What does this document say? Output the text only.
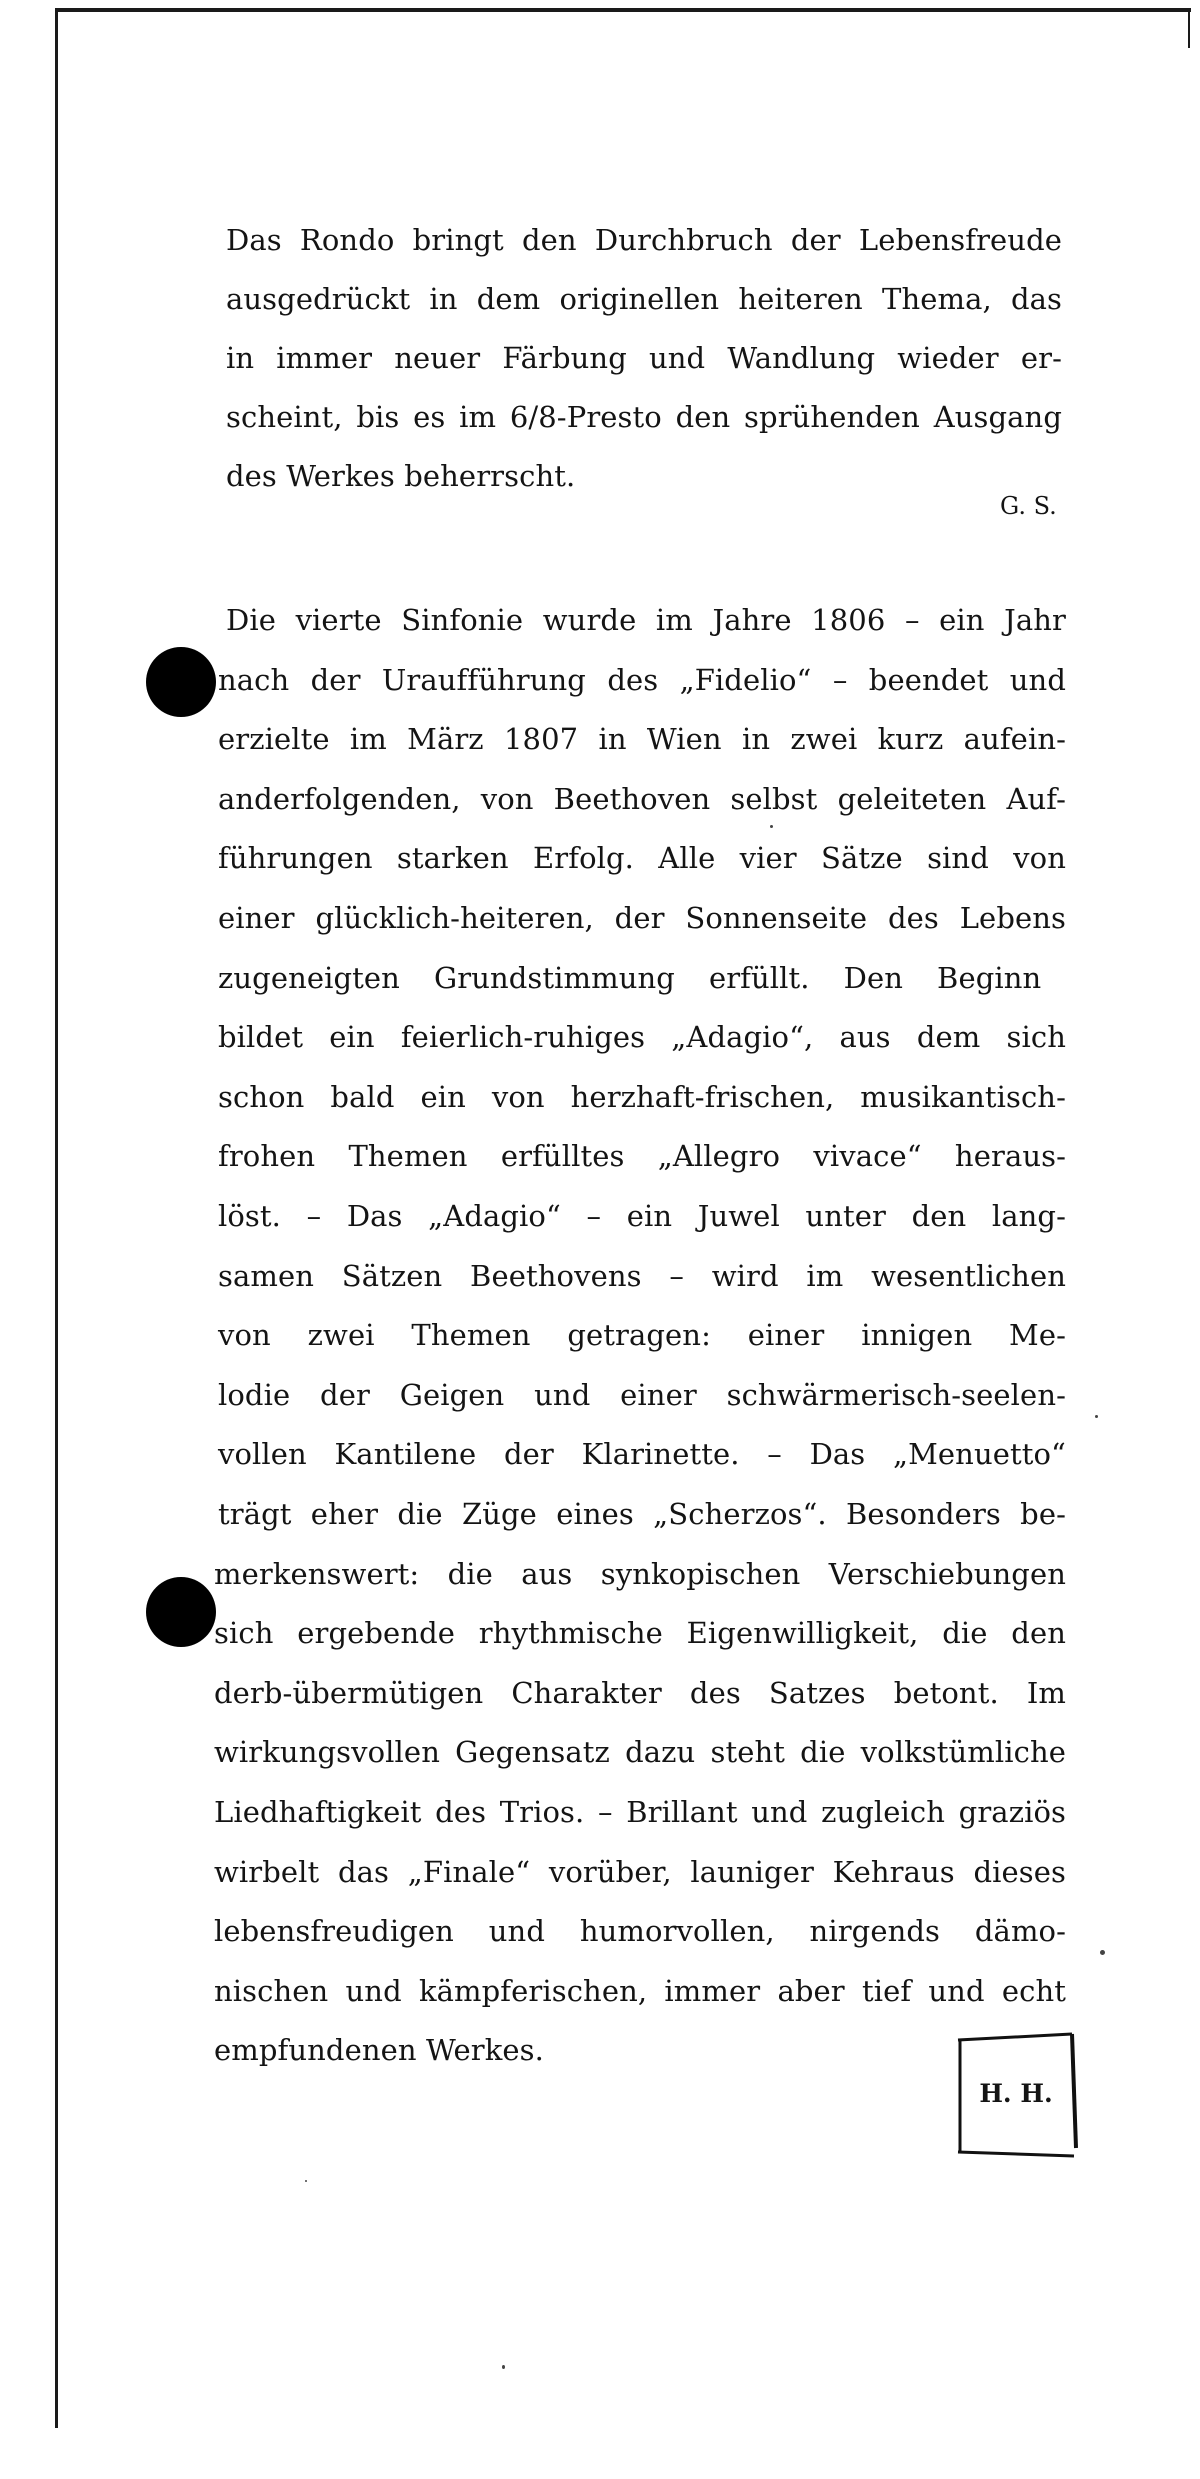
Das Rondo bringt den Durchbruch der Lebensfreude
ausgedrückt in dem originellen heiteren Thema, das
in immer neuer Färbung und Wandlung wieder er-
scheint, bis es im 6/8-Presto den sprühenden Ausgang
des Werkes beherrscht.
G. S.
Die vierte Sinfonie wurde im Jahre 1806 – ein Jahr
nach der Uraufführung des „Fidelio“ – beendet und
erzielte im März 1807 in Wien in zwei kurz aufein-
anderfolgenden, von Beethoven selbst geleiteten Auf-
führungen starken Erfolg. Alle vier Sätze sind von
einer glücklich-heiteren, der Sonnenseite des Lebens
zugeneigten Grundstimmung erfüllt. Den Beginn
bildet ein feierlich-ruhiges „Adagio“, aus dem sich
schon bald ein von herzhaft-frischen, musikantisch-
frohen Themen erfülltes „Allegro vivace“ heraus-
löst. – Das „Adagio“ – ein Juwel unter den lang-
samen Sätzen Beethovens – wird im wesentlichen
von zwei Themen getragen: einer innigen Me-
lodie der Geigen und einer schwärmerisch-seelen-
vollen Kantilene der Klarinette. – Das „Menuetto“
trägt eher die Züge eines „Scherzos“. Besonders be-
merkenswert: die aus synkopischen Verschiebungen
sich ergebende rhythmische Eigenwilligkeit, die den
derb-übermütigen Charakter des Satzes betont. Im
wirkungsvollen Gegensatz dazu steht die volkstümliche
Liedhaftigkeit des Trios. – Brillant und zugleich graziös
wirbelt das „Finale“ vorüber, launiger Kehraus dieses
lebensfreudigen und humorvollen, nirgends dämo-
nischen und kämpferischen, immer aber tief und echt
empfundenen Werkes.
H. H.
